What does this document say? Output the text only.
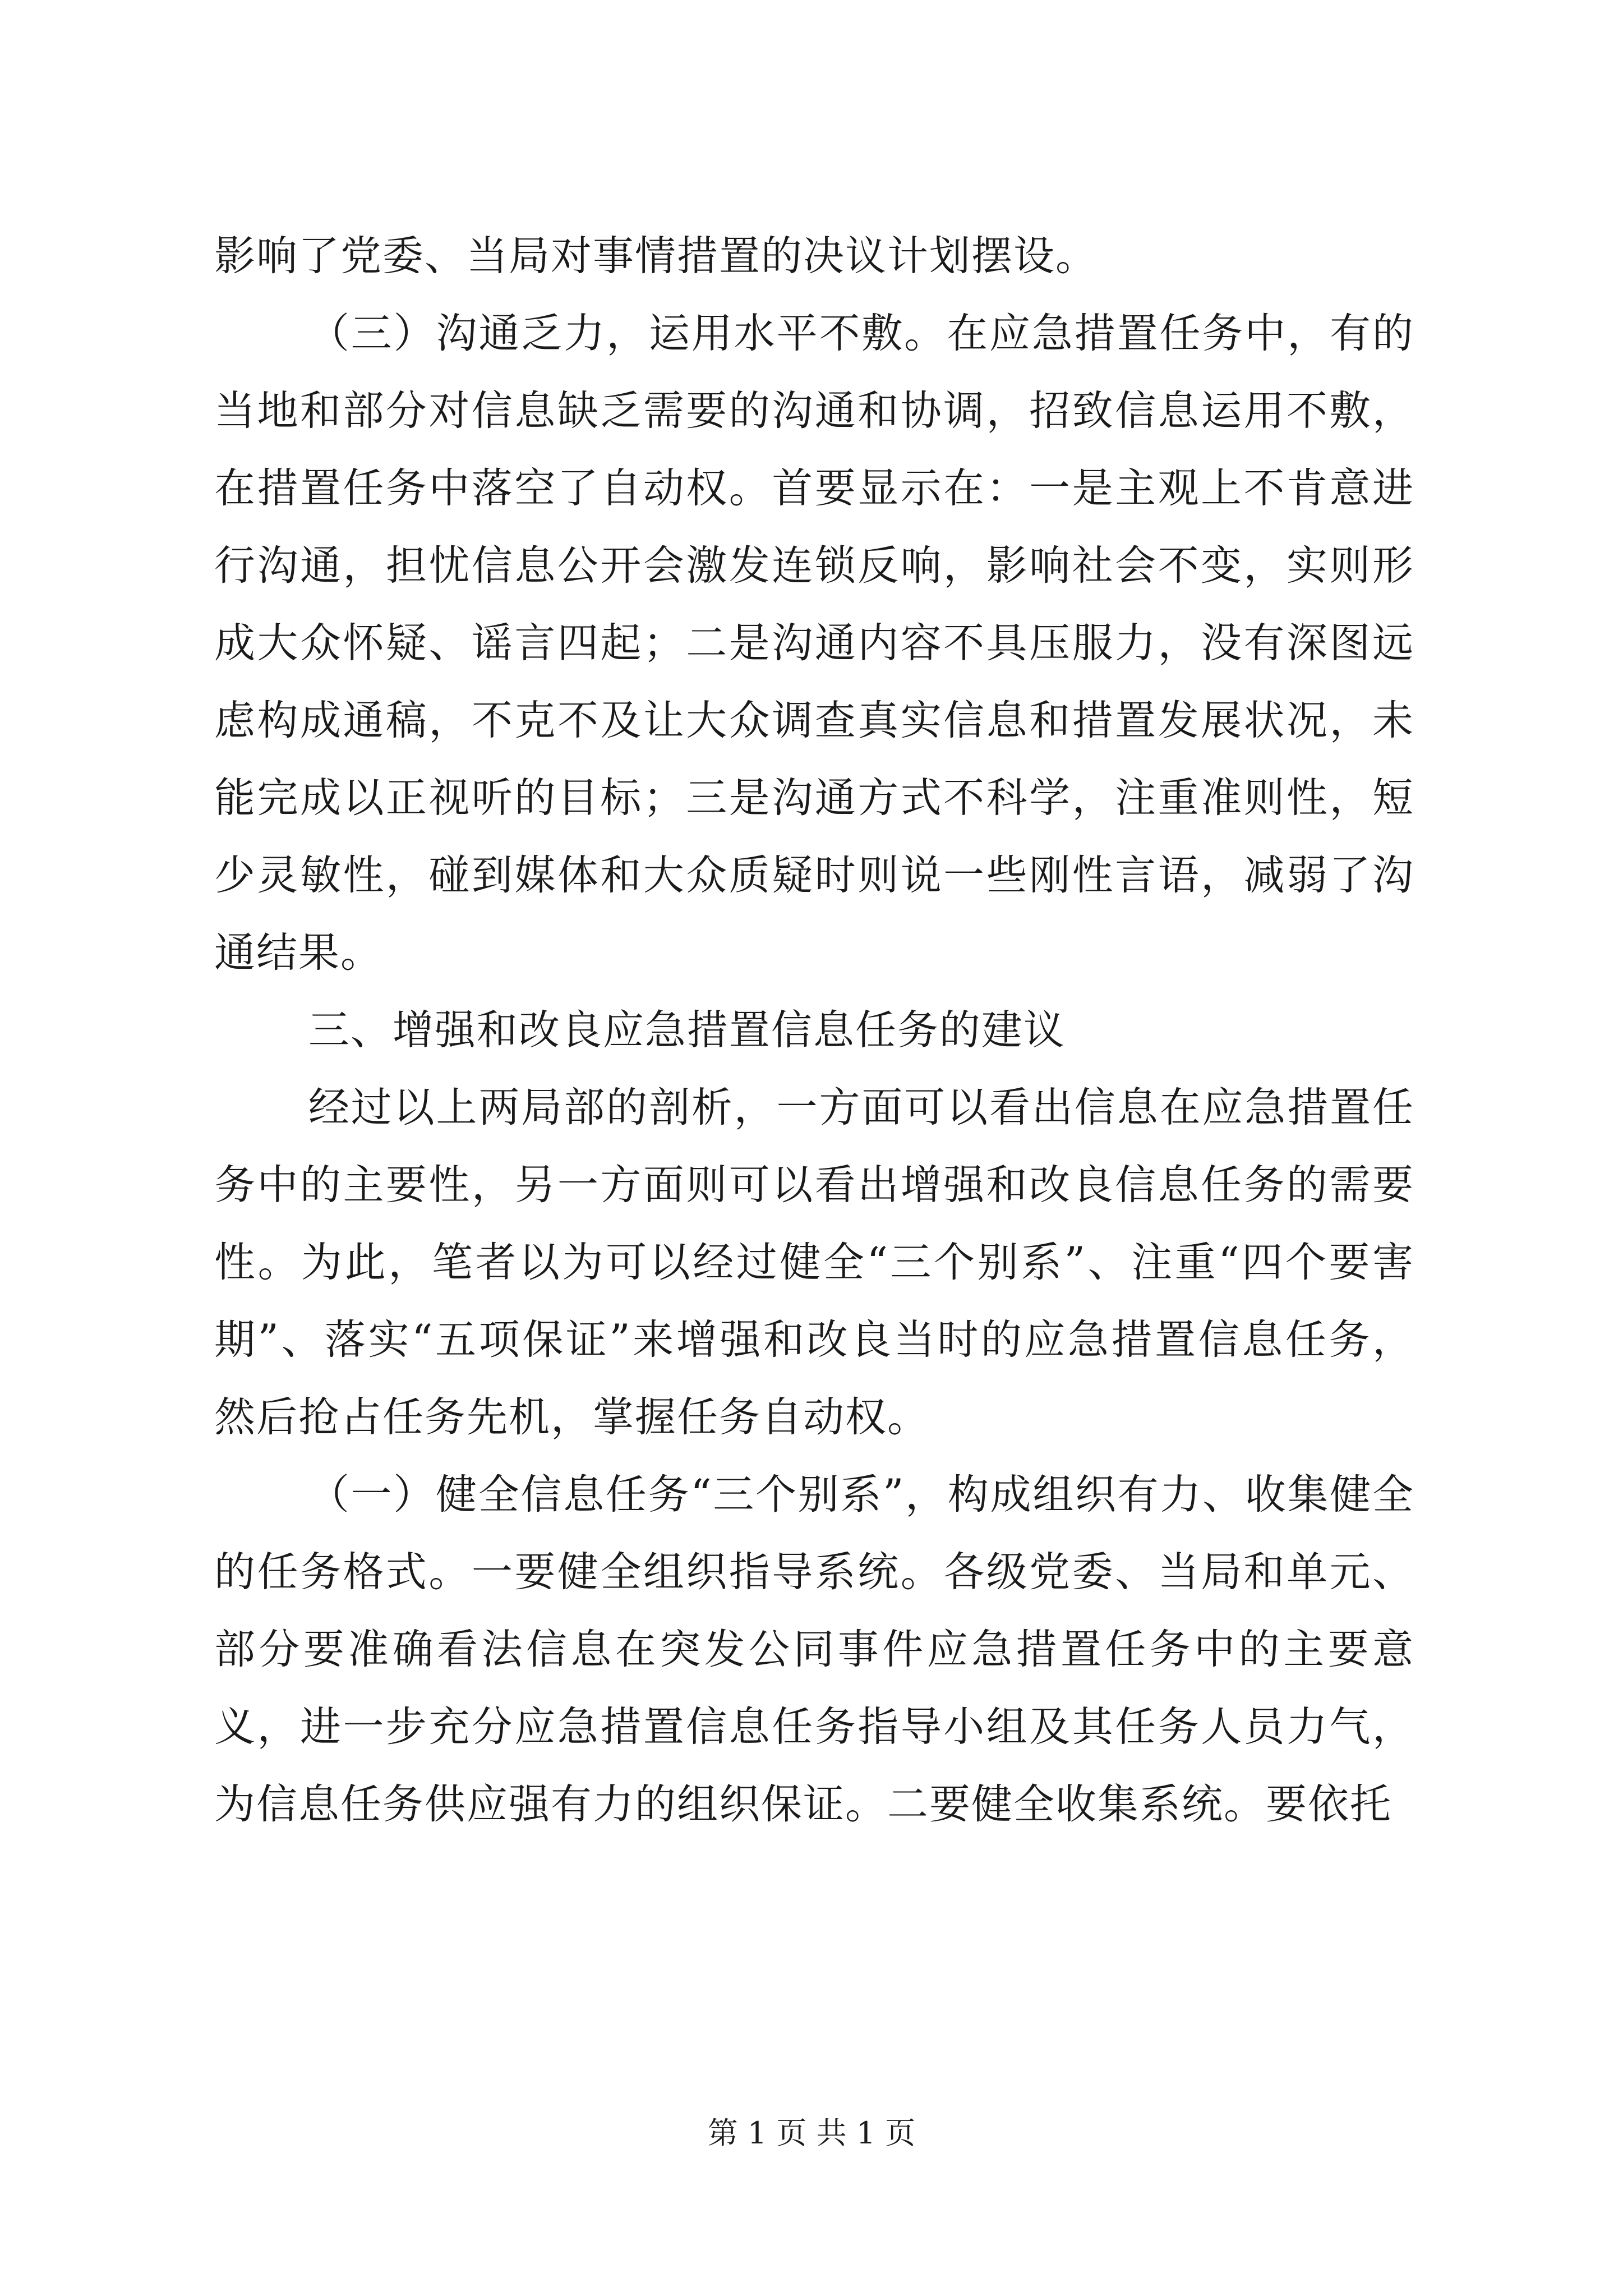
影响了党委、当局对事情措置的决议计划摆设。

（三）沟通乏力，运用水平不敷。在应急措置任务中，有的当地和部分对信息缺乏需要的沟通和协调，招致信息运用不敷，在措置任务中落空了自动权。首要显示在：一是主观上不肯意进行沟通，担忧信息公开会激发连锁反响，影响社会不变，实则形成大众怀疑、谣言四起；二是沟通内容不具压服力，没有深图远虑构成通稿，不克不及让大众调查真实信息和措置发展状况，未能完成以正视听的目标；三是沟通方式不科学，注重准则性，短少灵敏性，碰到媒体和大众质疑时则说一些刚性言语，减弱了沟通结果。

三、增强和改良应急措置信息任务的建议

经过以上两局部的剖析，一方面可以看出信息在应急措置任务中的主要性，另一方面则可以看出增强和改良信息任务的需要性。为此，笔者以为可以经过健全“三个别系”、注重“四个要害期”、落实“五项保证”来增强和改良当时的应急措置信息任务，然后抢占任务先机，掌握任务自动权。

（一）健全信息任务“三个别系”，构成组织有力、收集健全的任务格式。一要健全组织指导系统。各级党委、当局和单元、部分要准确看法信息在突发公同事件应急措置任务中的主要意义，进一步充分应急措置信息任务指导小组及其任务人员力气，为信息任务供应强有力的组织保证。二要健全收集系统。要依托

第 1 页 共 1 页
